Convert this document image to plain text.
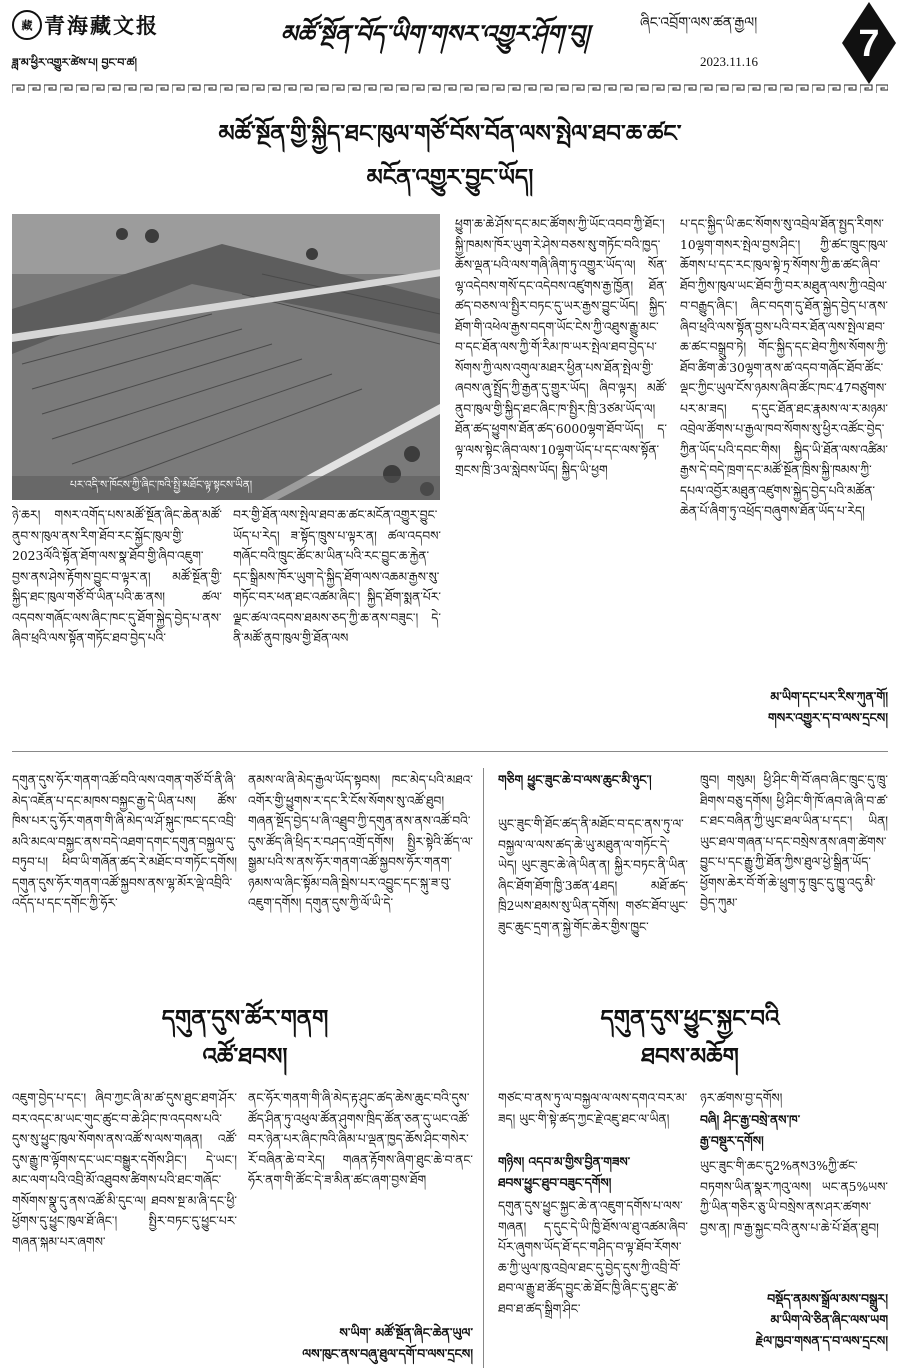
藏 青海藏文报
ཟླ་མ་ཕྱིར་འགྱུར་ཚེས་པ། བྱང་བ་ཚ།
མཚོ་སྔོན་བོད་ཡིག་གསར་འགྱུར་ཤོག་བུ།	ཞིང་འབྲོག་ལས་ཚན་རྒྱལ།
2023.11.16	7
མཚོ་སྔོན་གྱི་སྐྱིད་ཐང་ཁུལ་གཙོ་བོས་བོན་ལས་སྤེལ་ཐབ་ཆ་ཚང་
མངོན་འགྱུར་བྱུང་ཡོད།
པར་འདི་ས་ཁོངས་ཀྱི་ཞིང་ཁའི་སྤྱི་མཐོང་ལྟ་སྟངས་ཡིན།
ཉེ་ཆར། གསར་འགོད་པས་མཚོ་སྔོན་ཞིང་ཆེན་མཚོ་ནུབ་ས་ཁུལ་ནས་རིག་ཐོབ་རང་སྐྱོང་ཁུལ་གྱི་2023ལོའི་སྟོན་ཐོག་ལས་སྣ་ཐོབ་གྱི་ཞིབ་འཇུག་བྱས་ནས་ཤེས་རྟོགས་བྱུང་བ་ལྟར་ན། མཚོ་སྔོན་གྱི་སྐྱིད་ཐང་ཁུལ་གཙོ་བོ་ཡིན་པའི་ཆ་ནས། ཚལ་འདབས་གཞོང་ལས་ཞིང་ཁང་དུ་ཐོག་སྐྱེད་བྱེད་པ་ནས་ཞིབ་ཕྲའི་ལས་སྟོན་གཏོང་ཐབ་བྱེད་པའི་
བར་གྱི་ཐོན་ལས་སྤེལ་ཐབ་ཆ་ཚང་མངོན་འགྱུར་བྱུང་ཡོད་པ་རེད། ཟ་སྟོད་ཁྲུས་པ་ལྟར་ན། ཚལ་འདབས་གཞོང་བའི་ཁྲུང་ཚོང་མ་ཡིན་པའི་རང་བྱུང་ཆ་རྐྱེན་དང་སྒྲིམས་ཁོར་ཡུག་དེ་སྐྱིད་ཐོག་ལས་འཆམ་རྒྱས་སུ་གཏོང་བར་ཕན་ཐང་འཚམ་ཞིང་། སྐྱིད་ཐོག་སྨན་པོར་ལྗང་ཚལ་འདབས་ཐམས་ཅད་ཀྱི་ཆ་ནས་བཟུང་། དེ་ནི་མཚོ་ནུབ་ཁུལ་གྱི་ཐོན་ལས
ཕྱུག་ཆ་ཆེ་ཤོས་དང་མང་ཚོགས་ཀྱི་ཡོང་འབབ་ཀྱི་ཐོང་། སྐྱི་ཁམས་ཁོར་ཡུག་རེ་ཤེས་བཅས་སུ་གཏོང་བའི་ཁྱད་ཆོས་ལྡན་པའི་ལས་གཞི་ཞིག་ཏུ་འགྱུར་ཡོད་ལ། སོན་ལྷ་འདེབས་གསོ་དང་འདེབས་འཛུགས་རྒྱ་ཁྱོན། ཐོན་ཚད་བཅས་ལ་སྤྱིར་བཏང་དུ་ཡར་རྒྱས་བྱུང་ཡོད། སྐྱིད་ཐོག་གི་འཕེལ་རྒྱས་བདག་ཡོང་ངེས་ཀྱི་འཐུས་རྒྱུ་མང་བ་དང་ཐོན་ལས་ཀྱི་གོ་རིམ་ཁ་ཡར་སྤེལ་ཐབ་བྱེད་པ་སོགས་ཀྱི་ལས་འགུལ་མཐར་ཕྱིན་པས་ཐོན་སྤེལ་གྱི་ཞབས་ཞུ་སྤྲོད་ཀྱི་རྒྱན་དུ་གྱུར་ཡོད། ཞིབ་ལྟར། མཚོ་ནུབ་ཁུལ་གྱི་སྐྱིད་ཐང་ཞིང་ཁ་སྤྱིར་ཁྲི་3ཙམ་ཡོད་ལ། ཐོན་ཚད་ཕྱུགས་ཐོན་ཚད་6000ལྷག་ཐོབ་ཡོད། ད་ལྟ་ལས་སྟེང་ཞིབ་ལས་10ལྷག་ཡོད་པ་དང་ལས་སྟོན་གྲངས་ཁྲི་3ལ་སླེབས་ཡོད། སྐྱིད་ཡི་ཕྱག
པ་དང་སྐྱིད་ཡི་ཆང་སོགས་སུ་འབྲེལ་ཐོན་སྤྱད་རིགས་10ལྷག་གསར་སྤེལ་བྱས་ཤིང་། ཀྱི་ཚང་ཁྲུང་ཁུལ་ཆོགས་པ་དང་རང་ཁུལ་སྟེ་ཏྲ་སོགས་ཀྱི་ཆ་ཚང་ཞིབ་ཐོབ་ཀྱིས་ཁུལ་ཡང་ཐོབ་ཀྱི་བར་མཐུན་ལས་ཀྱི་འབྲེལ་བ་བརྒྱུད་ཞིང་། ཞིང་བདག་དུ་ཐོན་སྐྱེད་བྱེད་པ་ནས་ཞིབ་ཕྲའི་ལས་སྟོན་བྱས་པའི་བར་ཐོན་ལས་སྤེལ་ཐབ་ཆ་ཚང་བསྒྲུབ་ཏེ། གོང་སྐྱིད་དང་ཐེབ་ཀྱིས་སོགས་ཀྱི་ཐོབ་ཚིག་ཆེ་30ལྷག་ནས་ཚ་འདབ་གཞོང་ཐོབ་ཚོང་ལྡང་ཀྱིང་ཡུལ་ངོས་ཉམས་ཞིབ་ཚོང་ཁང་47བཙུགས་པར་མ་ཟད། ད་དུང་ཐོན་ཐང་རྣམས་ལ་ར་མཉམ་འབྲེལ་ཚོགས་པ་རྒྱལ་ཁབ་སོགས་སུ་ཕྱིར་འཚོང་བྱེད་ཀྱིན་ཡོད་པའི་དབང་གིས། སྐྱིད་ཡི་ཐོན་ལས་འཚིམ་རྒྱས་དེ་བདེ་ཁྲག་དང་མཚོ་སྔོན་ཁྲིས་སྐྱི་ཁམས་ཀྱི་དཔལ་འབྱོར་མཐུན་འཛུགས་སྐྱེད་བྱེད་པའི་མཚོན་ཆེན་པོ་ཞིག་ཏུ་འཕྲོད་བཞུགས་ཐོན་ཡོད་པ་རེད།
མ་ཡིག་དང་པར་རིས་ཀུན་གོ།
གསར་འགྱུར་ད་བ་ལས་དྲངས།
དགུན་དུས་ཧོར་གནག་འཚོ་བའི་ལས་འགན་གཙོ་བོ་ནི་ཞི་མེད་འཇོན་པ་དང་མཁས་བསྐྱང་རྒྱ་དེ་ཡིན་པས། ཚོས་ཁིས་པར་དུ་ཧོར་གནག་གི་ཞི་མེད་ལ་ཤོ་སྐུང་ཁང་དང་འབྲི་མའི་མངལ་བསྐྱང་ནས་བདེ་འཐག་དགང་དགུན་བསྐྱལ་དུ་བཏུབ་པ། ཕིབ་ཡི་གཞོན་ཚད་རེ་མཐོང་བ་གཏོང་དགོས། དགུན་དུས་ཧོར་གནག་འཚོ་སྐྱབས་ནས་ལྷ་མོར་ལྡེ་འབྲིའི་འདོད་པ་དང་དགོང་ཀྱི་ཧོར་
ནམས་ལ་ཞི་མེད་རྒྱལ་ཡོད་སྟབས། ཁང་མེད་པའི་མཐའ་འགོར་གྱི་ཕྱུགས་ར་དང་རི་ངོས་སོགས་སུ་འཚོ་ཐུབ། གཞན་སྔོད་བྱེད་པ་ཞི་འཐྲུབ་ཀྱི་དགུན་ནས་ནས་འཚོ་བའི་དུས་ཚོད་ཞི་ཕྲིད་ར་བཤད་འགྲོ་དགོས། སྤྱིར་སྟེའི་ཚོད་ལ་སྒྱམ་པའི་ས་ནས་ཧོར་གནག་འཚོ་སྐྱབས་ཧོར་གནག་ཉམས་ལ་ཞིང་སྟོམ་བཞི་སྦེས་པར་འབྱུང་དང་སྐུ་ཟ་བུ་འཇུག་དགོས། དགུན་དུས་ཀྱི་ལོ་ཡི་དེ་
དགུན་དུས་ཚོར་གནག
འཚོ་ཐབས།
འཇུག་བྱེད་པ་དང་། ཞིབ་ཀྱང་ཞི་མ་ཚ་དུས་ཐུང་ཐག་ཤོར་བར་འདང་མ་ཡང་གུང་ཚུང་བ་ཆེ་ཤིང་ཁ་འདབས་པའི་དུས་སུ་ཕྱུང་ཁུལ་སོགས་ནས་འཚོ་ས་ལས་གཞན། འཚོ་དུས་རྒྱུ་ཁ་ལྟོགས་དང་ཡང་བསྒྱུར་དགོས་ཤིང་། དེ་ཡང་། མང་ལག་པའི་འབྲི་མོ་འཐུབས་ཚིགས་པའི་ཐང་གཞོང་གསོགས་སྣུ་དུ་ནས་འཚོ་མི་དུང་ལ། ཐབས་སྔ་མ་ཞི་དང་ཕྱི་ཕྱོགས་དུ་ཕྱུང་ཁུལ་ཐོ་ཞིང་། སྤྱིར་བཏང་དུ་ཕྱུང་པར་གཞན་སྐམ་པར་ཞགས་
ནང་ཧོར་གནག་གི་ཞི་མེད་རྟ་ཤུང་ཚད་ཆེས་ཆུང་བའི་དུས་ཚོད་ཤིན་ཏུ་འཕུལ་ཚོན་ཤུགས་ཁྲིད་ཚོན་ཅན་དུ་ཡང་འཚོ་བར་ཉེན་པར་ཞིང་ཁའི་ཞིམ་པ་ལྡན་ཁྱད་ཆོས་ཤིང་གསེར་རོ་བཞིན་ཆེ་བ་རེད། གཞན་རྟོགས་ཞིག་ཐུང་ཆེ་བ་ནང་ཧོར་ནག་གི་ཚོང་དེ་ཟ་མིན་ཚང་ཞག་བྱས་ཐོག
ས་ཡིག་ མཚོ་སྔོན་ཞིང་ཆེན་ཡུལ་
ལས་ཁུང་ནས་བཞུ་ཐུལ་དགོ་བ་ལས་དྲངས།
གཅིག ཕྱུང་ཟུང་ཆེ་བ་ལས་ཆུང་མི་ཉུང་།
ཡུང་ཟུང་གི་ཐོང་ཚད་ནི་མཐོང་བ་དང་ནས་ཏུ་ལ་བསྐྱལ་ལ་ལས་ཚད་ཆེ་ཡུ་མཐུན་ལ་གཏོང་དེ་ཡེད། ཡུང་ཟུང་ཆེ་ཞེ་ཡིན་ན། སྐྱིར་བཏང་ནི་ཡིན་ཞིང་ཐོག་ཐོག་ཁྱི་3ཚན་4ཐད། མཐོ་ཚད་ཁྲི2ཡས་ཐམས་སུ་ཡིན་དགོས། གཙང་ཐོབ་ཡུང་ཟུང་ཆུང་དྲག་ན་སྐྱེ་གོང་ཆེར་གྱིས་ཁྱུང་
ཁྲུབ། གསུམ། ཕྱི་ཤིང་གི་བོ་ཞབ་ཞིང་ཁྲུང་དུ་ཁྲུ་ཐིགས་བཅུ་དགོས། ཕྱི་ཤིང་གི་ཁོ་ཞབ་ཞེ་ཞི་བ་ཚ་ང་ཐང་བཞིན་ཀྱི་ཡུང་ཐལ་ཡིན་པ་དང་། ཡིན། ཡུང་ཐལ་གཞན་པ་དང་བསྲེས་ནས་ཞག་ཚེགས་བྱུང་པ་དང་རྒྱུ་ཀྱི་ཐོན་ཀྱིས་ཐུལ་ཕྱེ་སྒྲིན་ཡོད་ཕྱོགས་ཆེར་བོ་གོ་ཆེ་ཕྲུག་ཏུ་ཁྲུང་དུ་ཁྱུ་འདུ་མི་བྱེད་ཀུམ་
དགུན་དུས་ཕྱུང་སྐྱང་བའི
ཐབས་མཆོག
གཙང་བ་ནས་ཏུ་ལ་བསྐྱལ་ལ་ལས་དགའ་བར་མ་ཟད། ཡུང་གི་སྟེ་ཚད་ཀྱང་རྗེ་འཇུ་ཐང་ལ་ཡིན།
གཉིས། འདབ་མ་གྱིས་བྱིན་གཟས་
ཐབས་ཕྱུང་ཐུབ་བཟུང་དགོས།
དགུན་དུས་ཕྱུང་སྐྱང་ཆེ་ན་འཇུག་དགོས་པ་ལས་གཞན། ད་དུང་དེ་ཡི་ཁྱི་ཐོས་ལ་ཐུ་འཚམ་ཞིབ་པོར་ཞུགས་ཡོད་ཐོ་དང་གཤིད་བ་ལྟ་ཐོབ་རོགས་ཆ་ཀྱི་ཡུལ་ཁུ་འབྲེལ་ཐང་དུ་བྱེད་དུས་ཀྱི་འབྲི་བོ་ཐབ་ལ་རྒྱུ་ཐ་ཚོད་བྱུང་ཆེ་ཐོང་ཁྱི་ཞིང་དུ་ཐུང་ཚེ་ཐབ་ཐ་ཚད་སྒྲིག་ཤིང་
ཉར་ཚགས་བྱ་དགོས།
བཞི། ཤིང་རྒྱ་བསྲེ་ནས་ཁ་
རྒྱ་བསྡུར་དགོས།
ཡུང་ཟུང་གི་ཆང་དུ2%ནས3%ཀྱི་ཚང་བཏགས་ཡིན་སྣར་ཀའུ་ལས། ཡང་ན5%ཡས་ཀྱི་ཡིན་གཅིར་ཅུ་ཡི་བསྲེས་ནས་ཤར་ཚགས་བྱས་ན། ཁ་རྒྱ་སྐྱང་བའི་ནུས་པ་ཆེ་པོ་ཐོན་ཐུབ།
བསྡོད་ནམས་སྒྲོལ་མས་བསྒྲུར།
མ་ཡིག་ལེ་ཅིན་ཞིང་ལས་ཡག
རྗེལ་ཁྱབ་གསན་ད་བ་ལས་དྲངས།
